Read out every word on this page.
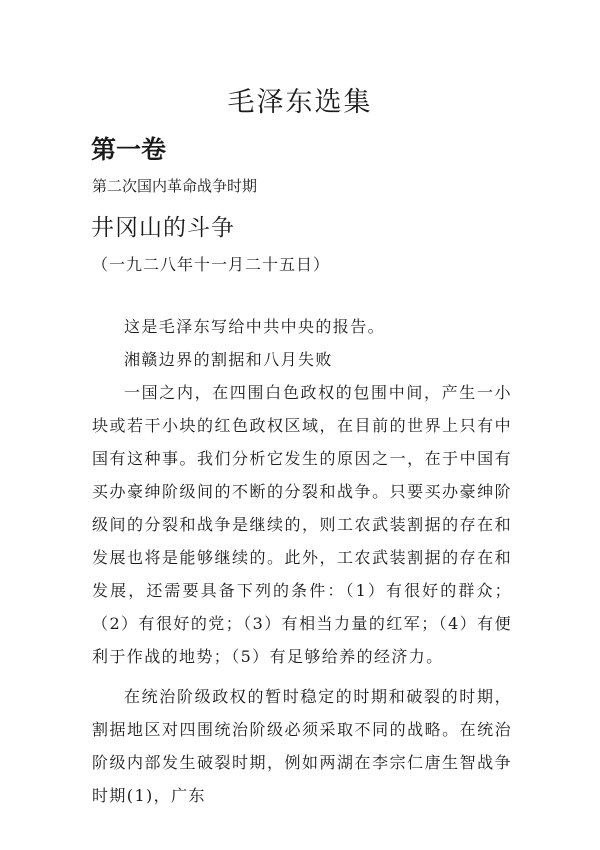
毛泽东选集
第一卷
第二次国内革命战争时期
井冈山的斗争
（一九二八年十一月二十五日）

这是毛泽东写给中共中央的报告。

湘赣边界的割据和八月失败

一国之内，在四围白色政权的包围中间，产生一小块或若干小块的红色政权区域，在目前的世界上只有中国有这种事。我们分析它发生的原因之一，在于中国有买办豪绅阶级间的不断的分裂和战争。只要买办豪绅阶级间的分裂和战争是继续的，则工农武装割据的存在和发展也将是能够继续的。此外，工农武装割据的存在和发展，还需要具备下列的条件：（1）有很好的群众；（2）有很好的党；（3）有相当力量的红军；（4）有便利于作战的地势；（5）有足够给养的经济力。

在统治阶级政权的暂时稳定的时期和破裂的时期，割据地区对四围统治阶级必须采取不同的战略。在统治阶级内部发生破裂时期，例如两湖在李宗仁唐生智战争时期(1)，广东
